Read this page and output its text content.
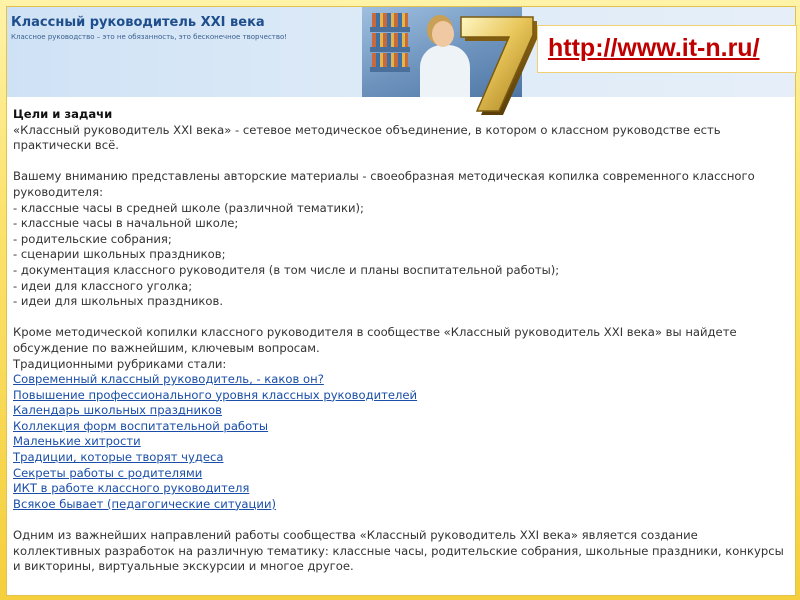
Классный руководитель XXI века
Классное руководство – это не обязанность, это бесконечное творчество!	http://www.it-n.ru/

Цели и задачи

«Классный руководитель XXI века» - сетевое методическое объединение, в котором о классном руководстве есть

практически всё.

Вашему вниманию представлены авторские материалы - своеобразная методическая копилка современного классного

руководителя:

- классные часы в средней школе (различной тематики);

- классные часы в начальной школе;

- родительские собрания;

- сценарии школьных праздников;

- документация классного руководителя (в том числе и планы воспитательной работы);

- идеи для классного уголка;

- идеи для школьных праздников.

Кроме методической копилки классного руководителя в сообществе «Классный руководитель XXI века» вы найдете

обсуждение по важнейшим, ключевым вопросам.

Традиционными рубриками стали:

Современный классный руководитель, - каков он?
Повышение профессионального уровня классных руководителей
Календарь школьных праздников
Коллекция форм воспитательной работы
Маленькие хитрости
Традиции, которые творят чудеса
Секреты работы с родителями
ИКТ в работе классного руководителя
Всякое бывает (педагогические ситуации)

Одним из важнейших направлений работы сообщества «Классный руководитель XXI века» является создание

коллективных разработок на различную тематику: классные часы, родительские собрания, школьные праздники, конкурсы

и викторины, виртуальные экскурсии и многое другое.
